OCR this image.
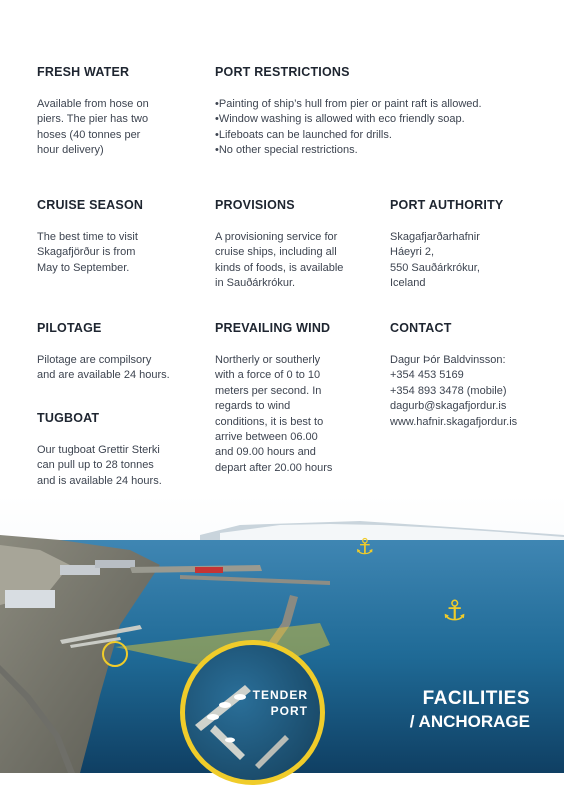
FRESH WATER
Available from hose on
piers. The pier has two
hoses (40 tonnes per
hour delivery)
PORT RESTRICTIONS
• Painting of ship’s hull from pier or paint raft is allowed.
• Window washing is allowed with eco friendly soap.
• Lifeboats can be launched for drills.
• No other special restrictions.
CRUISE SEASON
The best time to visit
Skagafjörður is from
May to September.
PROVISIONS
A provisioning service for
cruise ships, including all
kinds of foods, is available
in Sauðárkrókur.
PORT AUTHORITY
Skagafjarðarhafnir
Háeyri 2,
550 Sauðárkrókur,
Iceland
PILOTAGE
Pilotage are compilsory
and are available 24 hours.
PREVAILING WIND
Northerly or southerly
with a force of 0 to 10
meters per second. In
regards to wind
conditions, it is best to
arrive between 06.00
and 09.00 hours and
depart after 20.00 hours
CONTACT
Dagur Þór Baldvinsson:
+354 453 5169
+354 893 3478 (mobile)
dagurb@skagafjordur.is
www.hafnir.skagafjordur.is
TUGBOAT
Our tugboat Grettir Sterki
can pull up to 28 tonnes
and is available 24 hours.
⚓
⚓
TENDER
PORT
FACILITIES
/ ANCHORAGE
